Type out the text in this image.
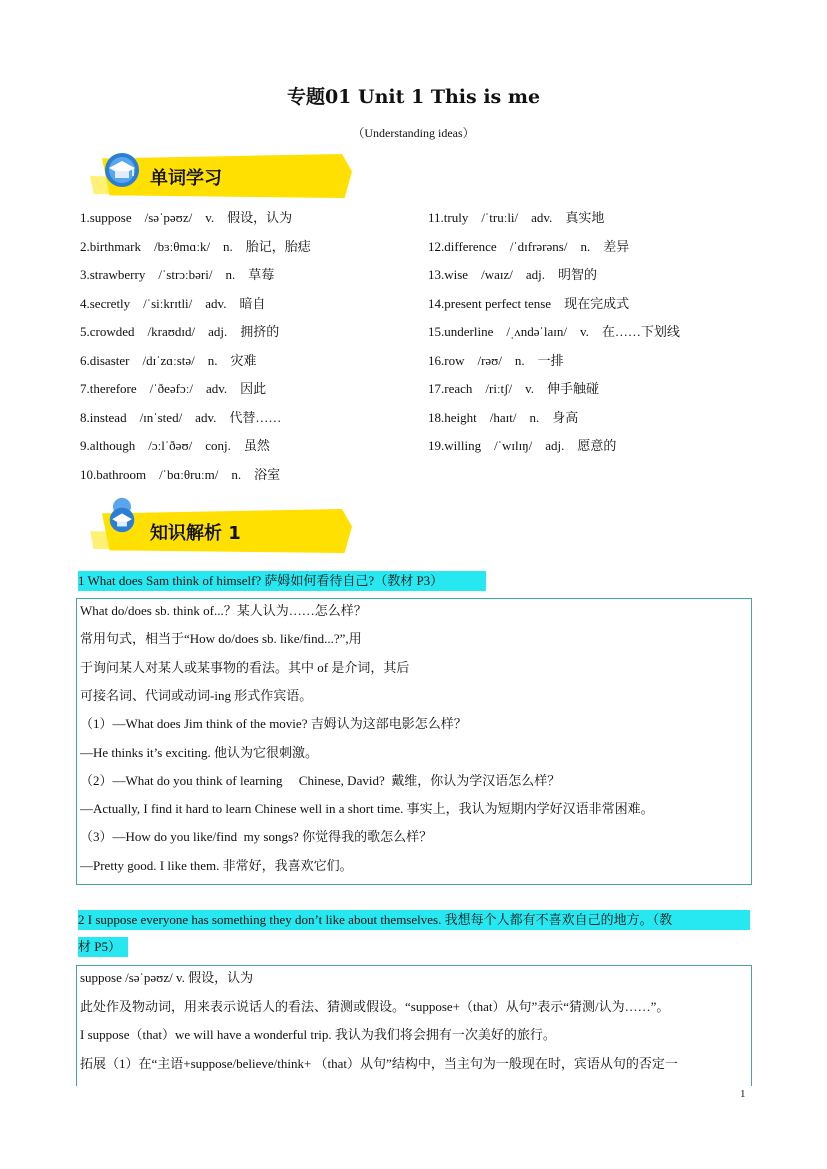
专题01 Unit 1 This is me
（Understanding ideas）
单词学习
1.suppose　/səˈpəʊz/　v.　假设，认为
2.birthmark　/bɜːθmɑːk/　n.　胎记，胎痣
3.strawberry　/ˈstrɔːbəri/　n.　草莓
4.secretly　/ˈsiːkrɪtli/　adv.　暗自
5.crowded　/kraʊdɪd/　adj.　拥挤的
6.disaster　/dɪˈzɑːstə/　n.　灾难
7.therefore　/ˈðeəfɔː/　adv.　因此
8.instead　/ɪnˈsted/　adv.　代替……
9.although　/ɔːlˈðəʊ/　conj.　虽然
10.bathroom　/ˈbɑːθruːm/　n.　浴室
11.truly　/ˈtruːli/　adv.　真实地
12.difference　/ˈdɪfrərəns/　n.　差异
13.wise　/waɪz/　adj.　明智的
14.present perfect tense　现在完成式
15.underline　/ˌʌndəˈlaɪn/　v.　在……下划线
16.row　/rəʊ/　n.　一排
17.reach　/riːtʃ/　v.　伸手触碰
18.height　/haɪt/　n.　身高
19.willing　/ˈwɪlɪŋ/　adj.　愿意的
知识解析 1
1 What does Sam think of himself? 萨姆如何看待自己?（教材 P3）
What do/does sb. think of...？某人认为……怎么样？
常用句式，相当于“How do/does sb. like/find...?”,用
于询问某人对某人或某事物的看法。其中 of 是介词，其后
可接名词、代词或动词-ing 形式作宾语。
（1）—What does Jim think of the movie? 吉姆认为这部电影怎么样？
—He thinks it’s exciting. 他认为它很刺激。
（2）—What do you think of learning　 Chinese, David?  戴维，你认为学汉语怎么样？
—Actually, I find it hard to learn Chinese well in a short time. 事实上，我认为短期内学好汉语非常困难。
（3）—How do you like/find  my songs? 你觉得我的歌怎么样？
—Pretty good. I like them. 非常好，我喜欢它们。
2 I suppose everyone has something they don’t like about themselves. 我想每个人都有不喜欢自己的地方。（教
材 P5）
suppose /səˈpəʊz/ v. 假设，认为
此处作及物动词，用来表示说话人的看法、猜测或假设。“suppose+（that）从句”表示“猜测/认为……”。
I suppose（that）we will have a wonderful trip. 我认为我们将会拥有一次美好的旅行。
拓展（1）在“主语+suppose/believe/think+ （that）从句”结构中，当主句为一般现在时，宾语从句的否定一
1
